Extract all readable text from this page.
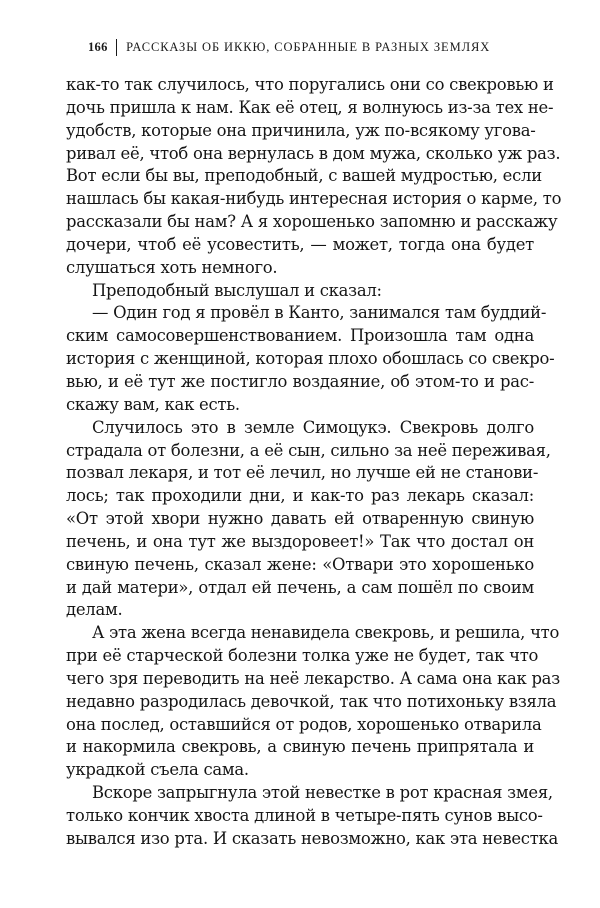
166 РАССКАЗЫ ОБ ИККЮ, СОБРАННЫЕ В РАЗНЫХ ЗЕМЛЯХ
как-то так случилось, что поругались они со свекровью и
дочь пришла к нам. Как её отец, я волнуюсь из-за тех не-
удобств, которые она причинила, уж по-всякому угова-
ривал её, чтоб она вернулась в дом мужа, сколько уж раз.
Вот если бы вы, преподобный, с вашей мудростью, если
нашлась бы какая-нибудь интересная история о карме, то
рассказали бы нам? А я хорошенько запомню и расскажу
дочери, чтоб её усовестить, — может, тогда она будет
слушаться хоть немного.
Преподобный выслушал и сказал:
— Один год я провёл в Канто, занимался там буддий-
ским самосовершенствованием. Произошла там одна
история с женщиной, которая плохо обошлась со свекро-
вью, и её тут же постигло воздаяние, об этом-то и рас-
скажу вам, как есть.
Случилось это в земле Симоцукэ. Свекровь долго
страдала от болезни, а её сын, сильно за неё переживая,
позвал лекаря, и тот её лечил, но лучше ей не станови-
лось; так проходили дни, и как-то раз лекарь сказал:
«От этой хвори нужно давать ей отваренную свиную
печень, и она тут же выздоровеет!» Так что достал он
свиную печень, сказал жене: «Отвари это хорошенько
и дай матери», отдал ей печень, а сам пошёл по своим
делам.
А эта жена всегда ненавидела свекровь, и решила, что
при её старческой болезни толка уже не будет, так что
чего зря переводить на неё лекарство. А сама она как раз
недавно разродилась девочкой, так что потихоньку взяла
она послед, оставшийся от родов, хорошенько отварила
и накормила свекровь, а свиную печень припрятала и
украдкой съела сама.
Вскоре запрыгнула этой невестке в рот красная змея,
только кончик хвоста длиной в четыре-пять сунов высо-
вывался изо рта. И сказать невозможно, как эта невестка
